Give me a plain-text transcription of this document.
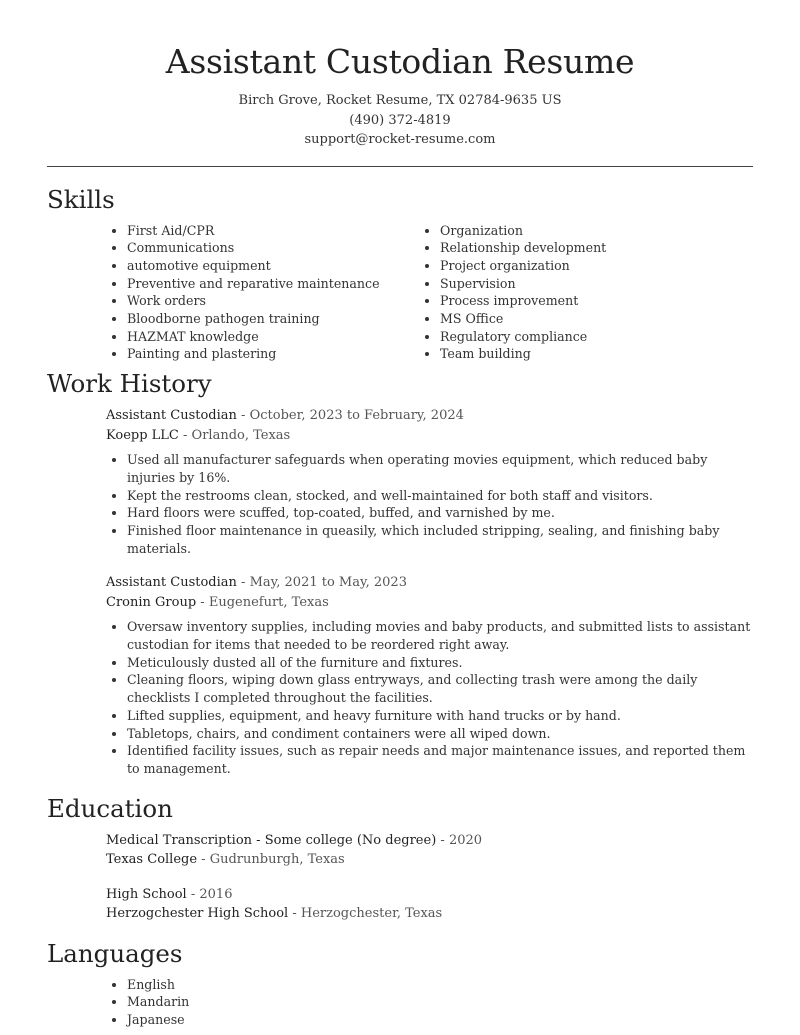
Assistant Custodian Resume
Birch Grove, Rocket Resume, TX 02784-9635 US
(490) 372-4819
support@rocket-resume.com
Skills
• First Aid/CPR
• Communications
• automotive equipment
• Preventive and reparative maintenance
• Work orders
• Bloodborne pathogen training
• HAZMAT knowledge
• Painting and plastering
• Organization
• Relationship development
• Project organization
• Supervision
• Process improvement
• MS Office
• Regulatory compliance
• Team building
Work History
Assistant Custodian - October, 2023 to February, 2024
Koepp LLC - Orlando, Texas
• Used all manufacturer safeguards when operating movies equipment, which reduced baby injuries by 16%.
• Kept the restrooms clean, stocked, and well-maintained for both staff and visitors.
• Hard floors were scuffed, top-coated, buffed, and varnished by me.
• Finished floor maintenance in queasily, which included stripping, sealing, and finishing baby materials.
Assistant Custodian - May, 2021 to May, 2023
Cronin Group - Eugenefurt, Texas
• Oversaw inventory supplies, including movies and baby products, and submitted lists to assistant custodian for items that needed to be reordered right away.
• Meticulously dusted all of the furniture and fixtures.
• Cleaning floors, wiping down glass entryways, and collecting trash were among the daily checklists I completed throughout the facilities.
• Lifted supplies, equipment, and heavy furniture with hand trucks or by hand.
• Tabletops, chairs, and condiment containers were all wiped down.
• Identified facility issues, such as repair needs and major maintenance issues, and reported them to management.
Education
Medical Transcription - Some college (No degree) - 2020
Texas College - Gudrunburgh, Texas
High School - 2016
Herzogchester High School - Herzogchester, Texas
Languages
• English
• Mandarin
• Japanese
